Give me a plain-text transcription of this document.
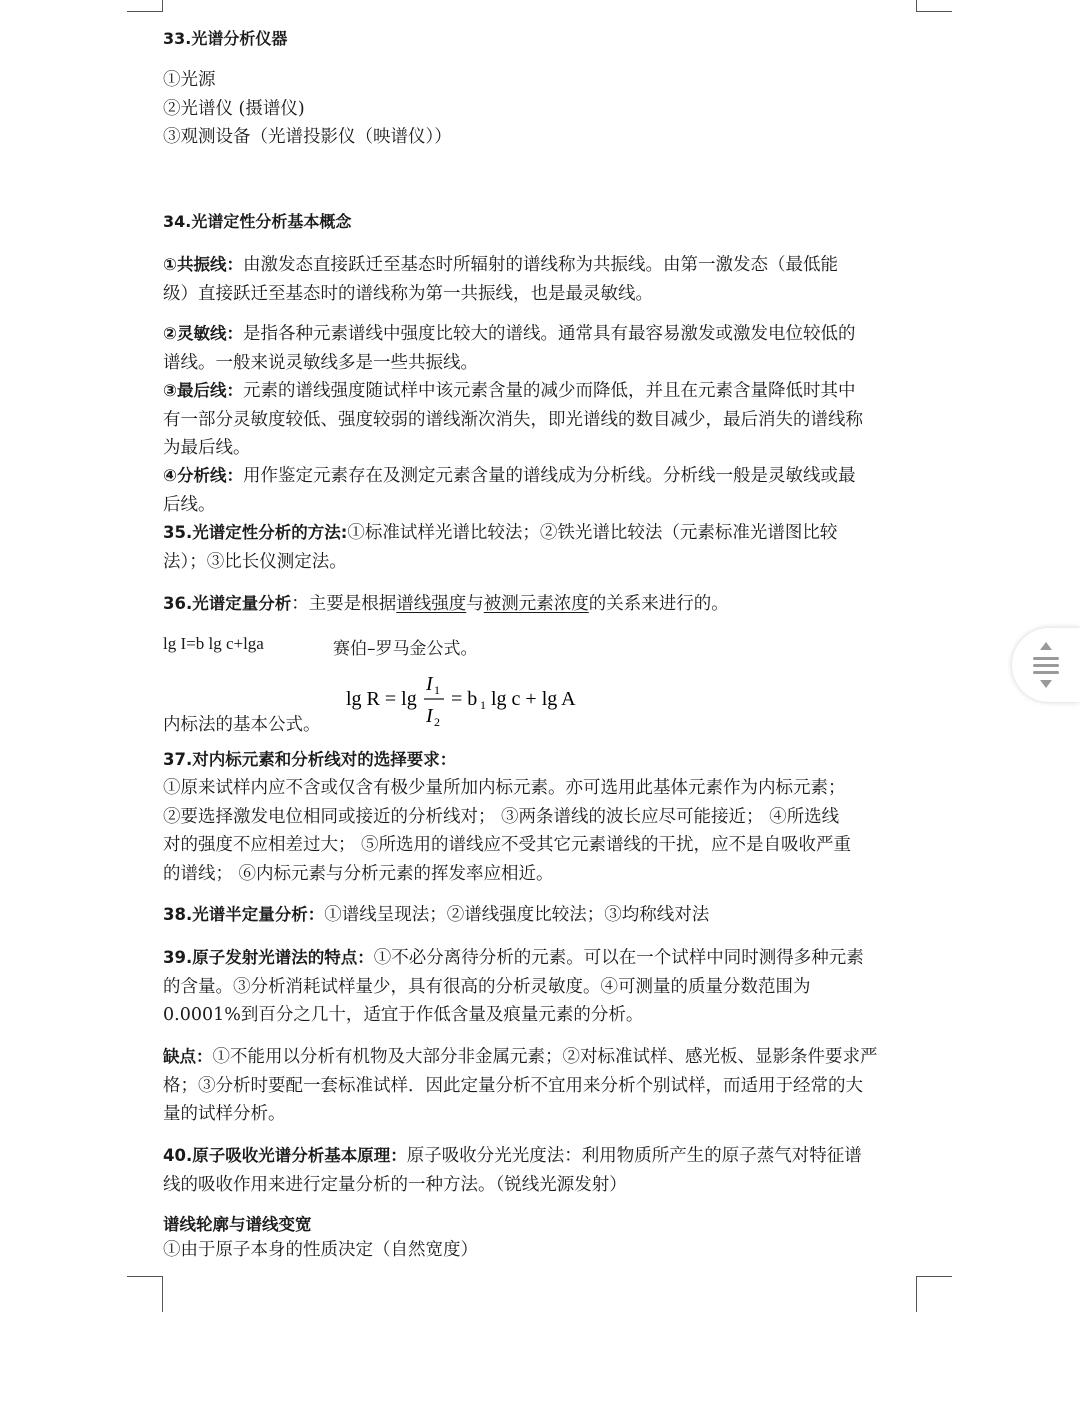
33.光谱分析仪器
①光源
②光谱仪 (摄谱仪)
③观测设备（光谱投影仪（映谱仪））
34.光谱定性分析基本概念
①共振线：由激发态直接跃迁至基态时所辐射的谱线称为共振线。由第一激发态（最低能
级）直接跃迁至基态时的谱线称为第一共振线，也是最灵敏线。
②灵敏线：是指各种元素谱线中强度比较大的谱线。通常具有最容易激发或激发电位较低的
谱线。一般来说灵敏线多是一些共振线。
③最后线：元素的谱线强度随试样中该元素含量的减少而降低，并且在元素含量降低时其中
有一部分灵敏度较低、强度较弱的谱线渐次消失，即光谱线的数目减少，最后消失的谱线称
为最后线。
④分析线：用作鉴定元素存在及测定元素含量的谱线成为分析线。分析线一般是灵敏线或最
后线。
35.光谱定性分析的方法:①标准试样光谱比较法；②铁光谱比较法（元素标准光谱图比较
法）；③比长仪测定法。
36.光谱定量分析：主要是根据谱线强度与被测元素浓度的关系来进行的。
lg I=b lg c+lga	赛伯–罗马金公式。
lg R = lg
I 1
I 2
= b 1 lg c + lg A
内标法的基本公式。
37.对内标元素和分析线对的选择要求：
①原来试样内应不含或仅含有极少量所加内标元素。亦可选用此基体元素作为内标元素；
②要选择激发电位相同或接近的分析线对； ③两条谱线的波长应尽可能接近； ④所选线
对的强度不应相差过大； ⑤所选用的谱线应不受其它元素谱线的干扰，应不是自吸收严重
的谱线； ⑥内标元素与分析元素的挥发率应相近。
38.光谱半定量分析：①谱线呈现法；②谱线强度比较法；③均称线对法
39.原子发射光谱法的特点：①不必分离待分析的元素。可以在一个试样中同时测得多种元素
的含量。③分析消耗试样量少，具有很高的分析灵敏度。④可测量的质量分数范围为
0.0001%到百分之几十，适宜于作低含量及痕量元素的分析。
缺点：①不能用以分析有机物及大部分非金属元素；②对标准试样、感光板、显影条件要求严
格；③分析时要配一套标准试样．因此定量分析不宜用来分析个别试样，而适用于经常的大
量的试样分析。
40.原子吸收光谱分析基本原理：原子吸收分光光度法：利用物质所产生的原子蒸气对特征谱
线的吸收作用来进行定量分析的一种方法。（锐线光源发射）
谱线轮廓与谱线变宽
①由于原子本身的性质决定（自然宽度）
